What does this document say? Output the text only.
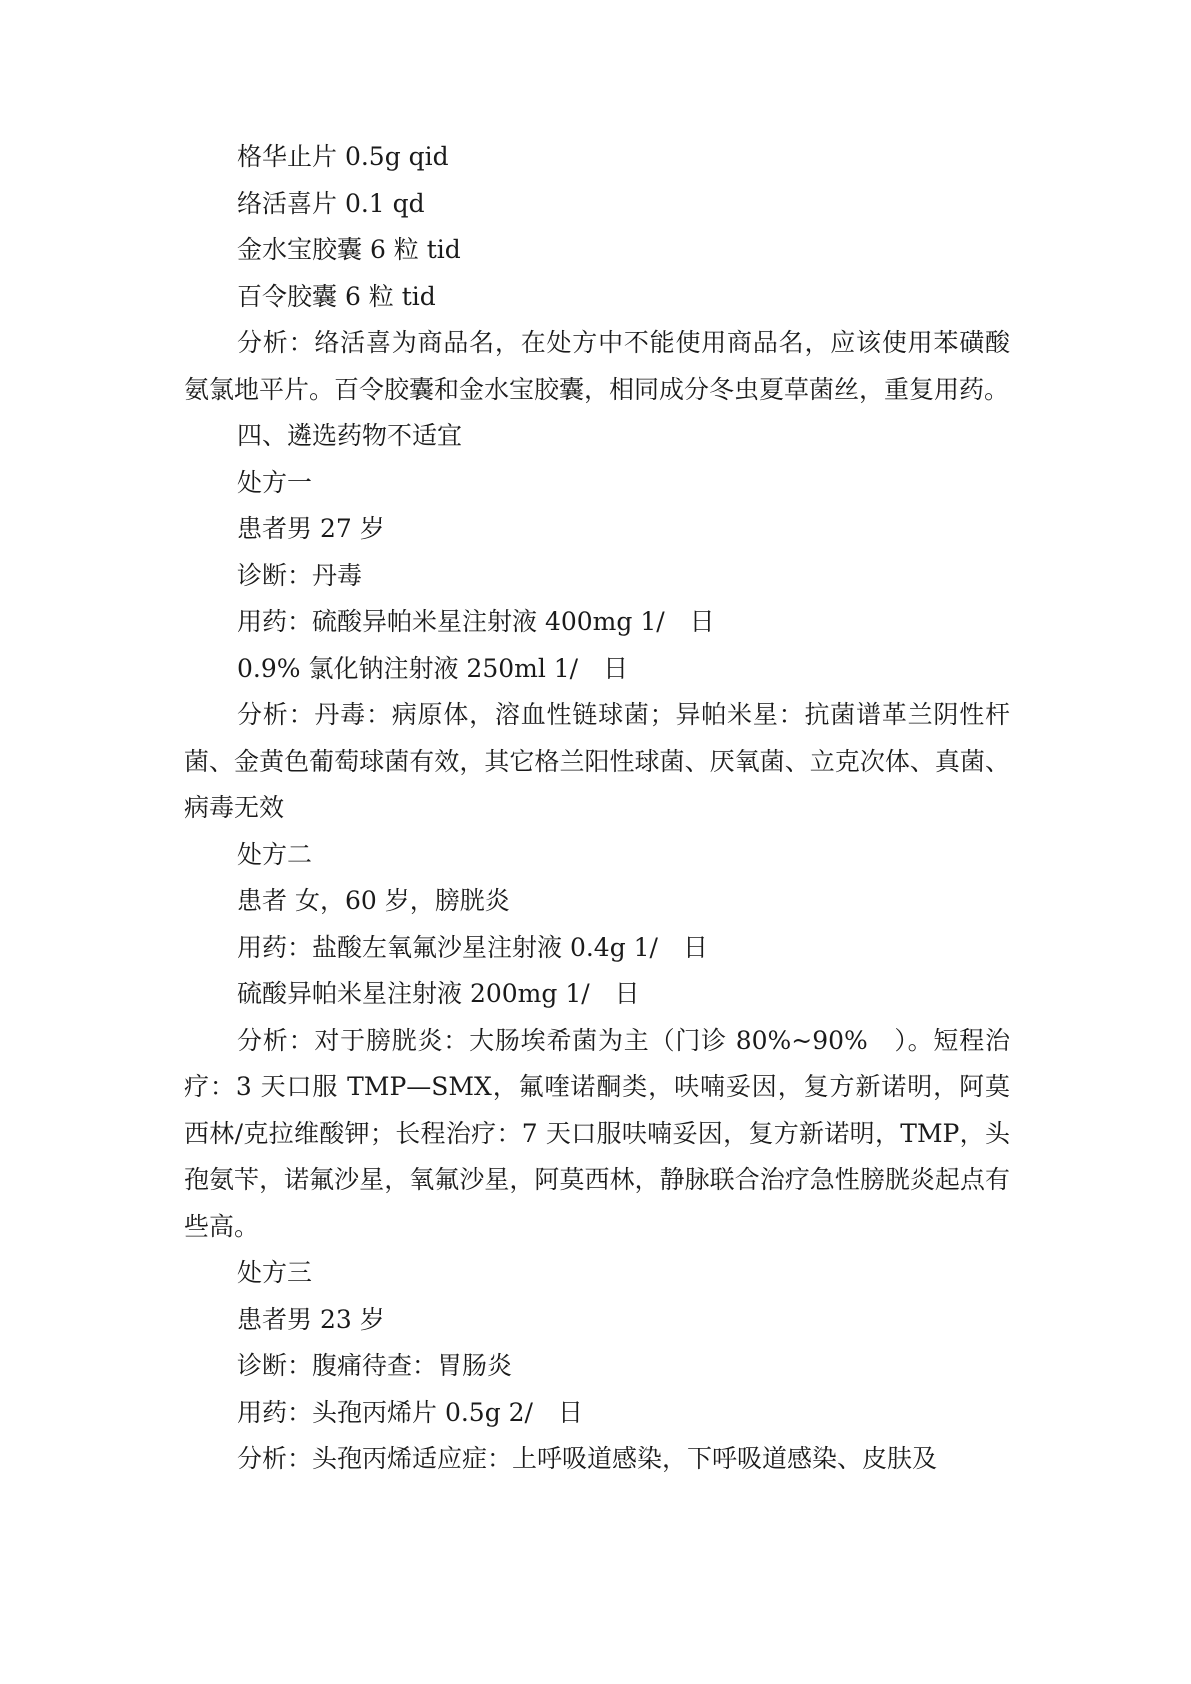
格华止片 0.5g qid

络活喜片 0.1 qd

金水宝胶囊 6 粒 tid

百令胶囊 6 粒 tid

分析：络活喜为商品名，在处方中不能使用商品名，应该使用苯磺酸氨氯地平片。百令胶囊和金水宝胶囊，相同成分冬虫夏草菌丝，重复用药。

四、遴选药物不适宜

处方一

患者男 27 岁

诊断：丹毒

用药：硫酸异帕米星注射液 400mg 1/　日

0.9% 氯化钠注射液 250ml 1/　日

分析：丹毒：病原体，溶血性链球菌；异帕米星：抗菌谱革兰阴性杆菌、金黄色葡萄球菌有效，其它格兰阳性球菌、厌氧菌、立克次体、真菌、病毒无效

处方二

患者 女，60 岁，膀胱炎

用药：盐酸左氧氟沙星注射液 0.4g 1/　日

硫酸异帕米星注射液 200mg 1/　日

分析：对于膀胱炎：大肠埃希菌为主（门诊 80%~90%　）。短程治疗：3 天口服 TMP—SMX，氟喹诺酮类，呋喃妥因，复方新诺明，阿莫西林/克拉维酸钾；长程治疗：7 天口服呋喃妥因，复方新诺明，TMP，头孢氨苄，诺氟沙星，氧氟沙星，阿莫西林，静脉联合治疗急性膀胱炎起点有些高。

处方三

患者男 23 岁

诊断：腹痛待查：胃肠炎

用药：头孢丙烯片 0.5g 2/　日

分析：头孢丙烯适应症：上呼吸道感染，下呼吸道感染、皮肤及
